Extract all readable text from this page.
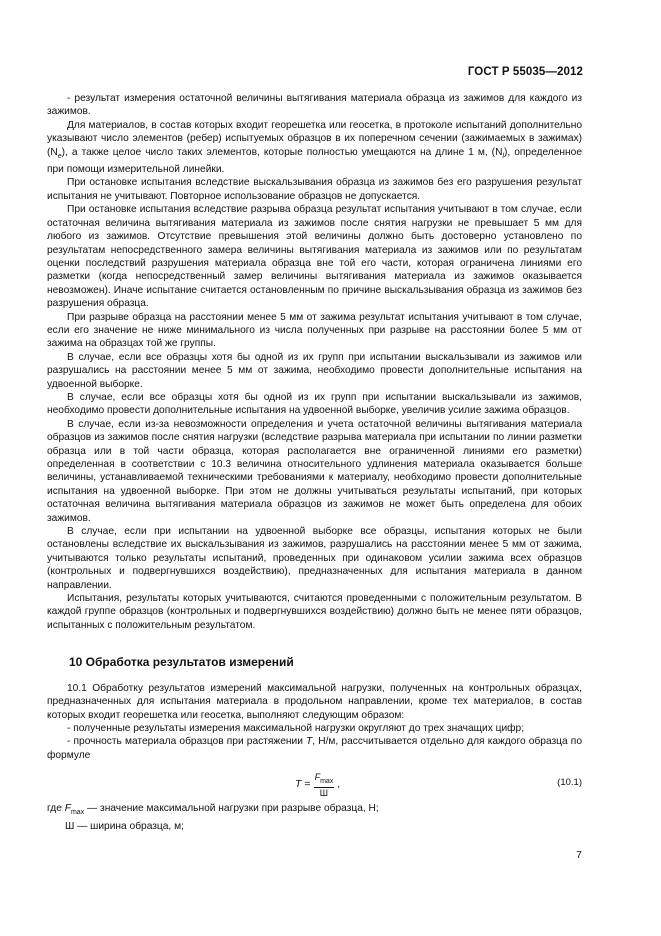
ГОСТ Р 55035—2012

- результат измерения остаточной величины вытягивания материала образца из зажимов для каждого из зажимов.

Для материалов, в состав которых входит георешетка или геосетка, в протоколе испытаний дополнительно указывают число элементов (ребер) испытуемых образцов в их поперечном сечении (зажимаемых в зажимах) $(N_e)$, а также целое число таких элементов, которые полностью умещаются на длине 1 м, $(N_l)$, определенное при помощи измерительной линейки.

При остановке испытания вследствие выскальзывания образца из зажимов без его разрушения результат испытания не учитывают. Повторное использование образцов не допускается.

При остановке испытания вследствие разрыва образца результат испытания учитывают в том случае, если остаточная величина вытягивания материала из зажимов после снятия нагрузки не превышает 5 мм для любого из зажимов. Отсутствие превышения этой величины должно быть достоверно установлено по результатам непосредственного замера величины вытягивания материала из зажимов или по результатам оценки последствий разрушения материала образца вне той его части, которая ограничена линиями его разметки (когда непосредственный замер величины вытягивания материала из зажимов оказывается невозможен). Иначе испытание считается остановленным по причине выскальзывания образца из зажимов без разрушения образца.

При разрыве образца на расстоянии менее 5 мм от зажима результат испытания учитывают в том случае, если его значение не ниже минимального из числа полученных при разрыве на расстоянии более 5 мм от зажима на образцах той же группы.

В случае, если все образцы хотя бы одной из их групп при испытании выскальзывали из зажимов или разрушались на расстоянии менее 5 мм от зажима, необходимо провести дополнительные испытания на удвоенной выборке.

В случае, если все образцы хотя бы одной из их групп при испытании выскальзывали из зажимов, необходимо провести дополнительные испытания на удвоенной выборке, увеличив усилие зажима образцов.

В случае, если из-за невозможности определения и учета остаточной величины вытягивания материала образцов из зажимов после снятия нагрузки (вследствие разрыва материала при испытании по линии разметки образца или в той части образца, которая располагается вне ограниченной линиями его разметки) определенная в соответствии с 10.3 величина относительного удлинения материала оказывается больше величины, устанавливаемой техническими требованиями к материалу, необходимо провести дополнительные испытания на удвоенной выборке. При этом не должны учитываться результаты испытаний, при которых остаточная величина вытягивания материала образцов из зажимов не может быть определена для обоих зажимов.

В случае, если при испытании на удвоенной выборке все образцы, испытания которых не были остановлены вследствие их выскальзывания из зажимов, разрушались на расстоянии менее 5 мм от зажима, учитываются только результаты испытаний, проведенных при одинаковом усилии зажима всех образцов (контрольных и подвергнувшихся воздействию), предназначенных для испытания материала в данном направлении.

Испытания, результаты которых учитываются, считаются проведенными с положительным результатом. В каждой группе образцов (контрольных и подвергнувшихся воздействию) должно быть не менее пяти образцов, испытанных с положительным результатом.

10 Обработка результатов измерений

10.1 Обработку результатов измерений максимальной нагрузки, полученных на контрольных образцах, предназначенных для испытания материала в продольном направлении, кроме тех материалов, в состав которых входит георешетка или геосетка, выполняют следующим образом:

- полученные результаты измерения максимальной нагрузки округляют до трех значащих цифр;

- прочность материала образцов при растяжении T, Н/м, рассчитывается отдельно для каждого образца по формуле

$T = \frac{F_{max}}{Ш}$ ,	(10.1)

где $F_{max}$ — значение максимальной нагрузки при разрыве образца, Н;

Ш — ширина образца, м;

7
